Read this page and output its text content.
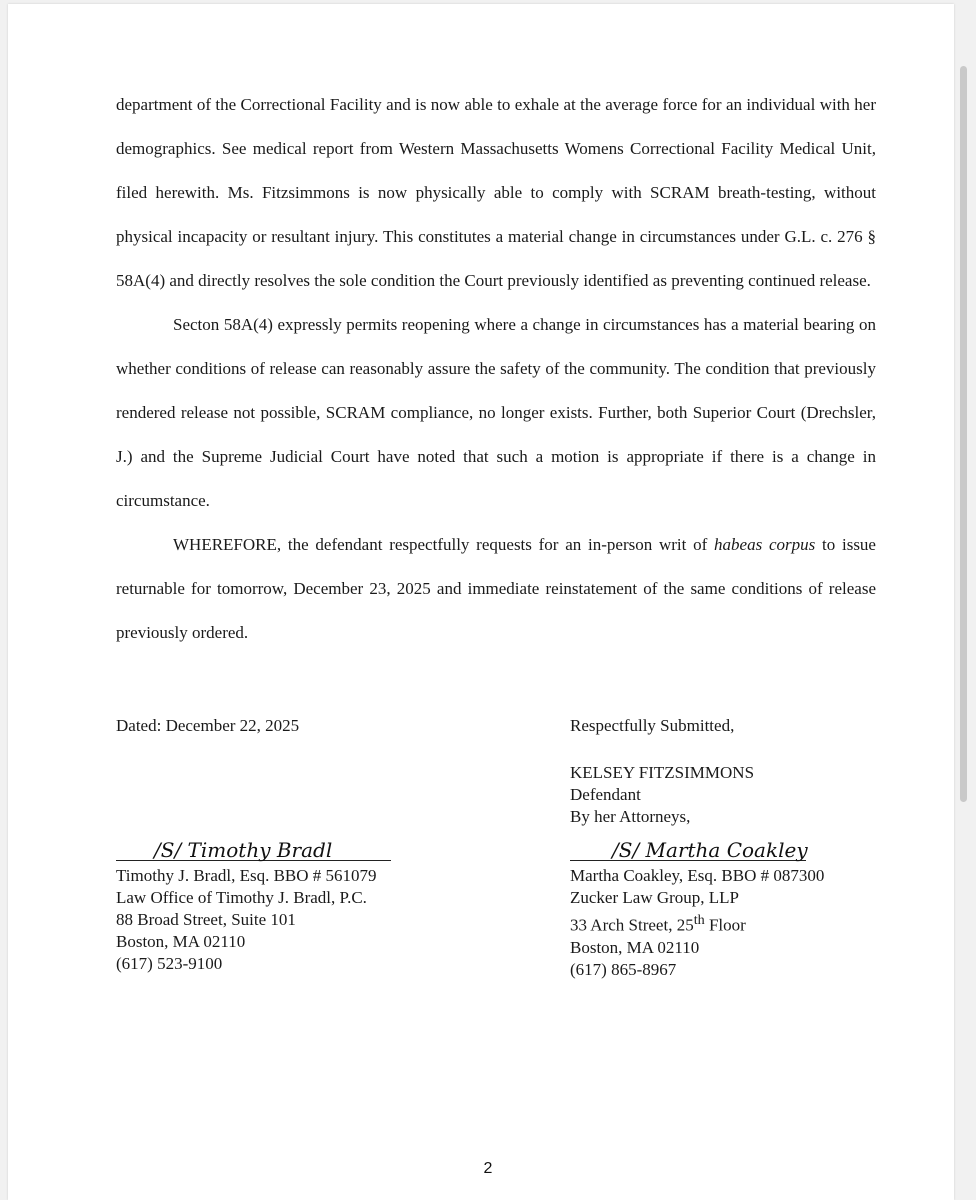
department of the Correctional Facility and is now able to exhale at the average force for an individual with her demographics. See medical report from Western Massachusetts Womens Correctional Facility Medical Unit, filed herewith. Ms. Fitzsimmons is now physically able to comply with SCRAM breath-testing, without physical incapacity or resultant injury. This constitutes a material change in circumstances under G.L. c. 276 § 58A(4) and directly resolves the sole condition the Court previously identified as preventing continued release.

Secton 58A(4) expressly permits reopening where a change in circumstances has a material bearing on whether conditions of release can reasonably assure the safety of the community. The condition that previously rendered release not possible, SCRAM compliance, no longer exists. Further, both Superior Court (Drechsler, J.) and the Supreme Judicial Court have noted that such a motion is appropriate if there is a change in circumstance.

WHEREFORE, the defendant respectfully requests for an in-person writ of habeas corpus to issue returnable for tomorrow, December 23, 2025 and immediate reinstatement of the same conditions of release previously ordered.

Dated: December 22, 2025	Respectfully Submitted,
KELSEY FITZSIMMONS
Defendant
By her Attorneys,
/S/ Timothy Bradl
Timothy J. Bradl, Esq. BBO # 561079
Law Office of Timothy J. Bradl, P.C.
88 Broad Street, Suite 101
Boston, MA 02110
(617) 523-9100
/S/ Martha Coakley
Martha Coakley, Esq. BBO # 087300
Zucker Law Group, LLP
33 Arch Street, 25th Floor
Boston, MA 02110
(617) 865-8967
2
